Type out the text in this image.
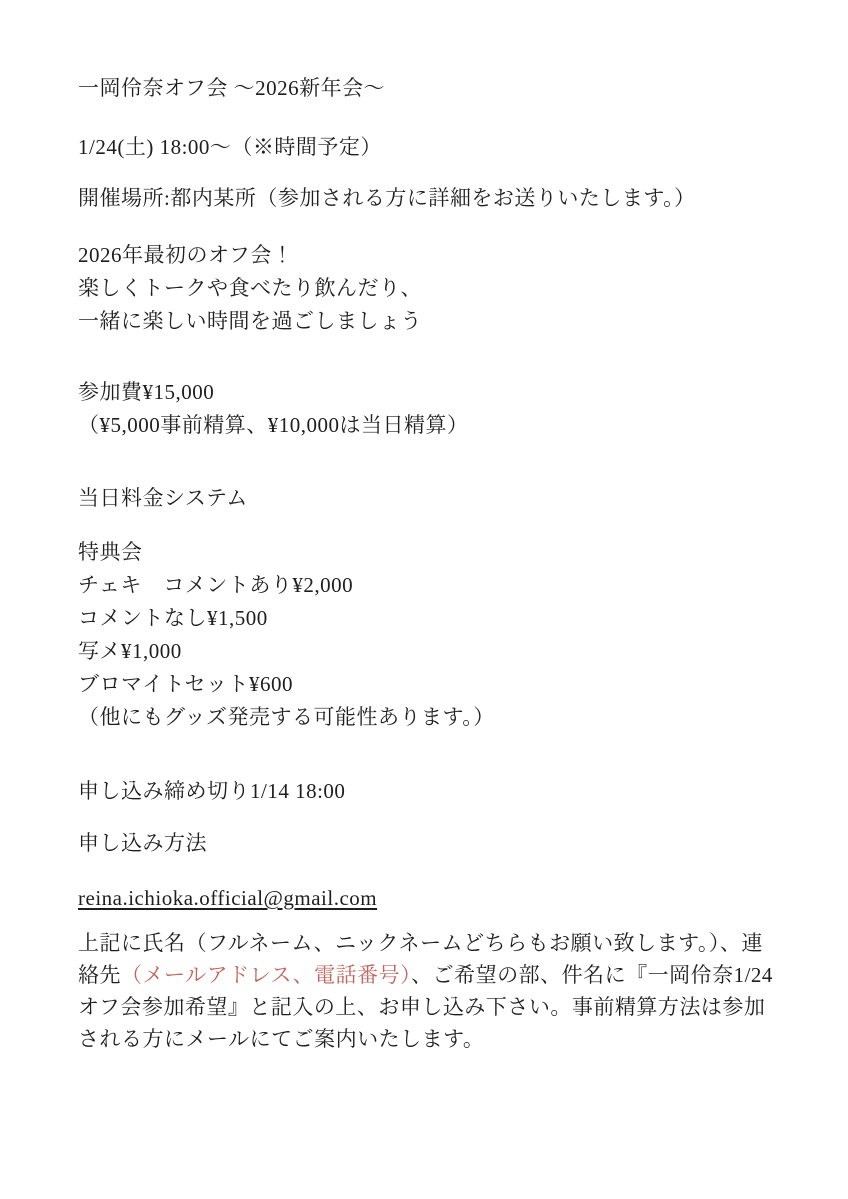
一岡伶奈オフ会 〜2026新年会〜
1/24(土) 18:00〜（※時間予定）
開催場所:都内某所（参加される方に詳細をお送りいたします。）
2026年最初のオフ会！
楽しくトークや食べたり飲んだり、
一緒に楽しい時間を過ごしましょう
参加費¥15,000
（¥5,000事前精算、¥10,000は当日精算）
当日料金システム
特典会
チェキ　コメントあり¥2,000
コメントなし¥1,500
写メ¥1,000
ブロマイトセット¥600
（他にもグッズ発売する可能性あります。）
申し込み締め切り1/14 18:00
申し込み方法
reina.ichioka.official@gmail.com

上記に氏名（フルネーム、ニックネームどちらもお願い致します。）、連絡先（メールアドレス、電話番号）、ご希望の部、件名に『一岡伶奈1/24オフ会参加希望』と記入の上、お申し込み下さい。事前精算方法は参加される方にメールにてご案内いたします。
